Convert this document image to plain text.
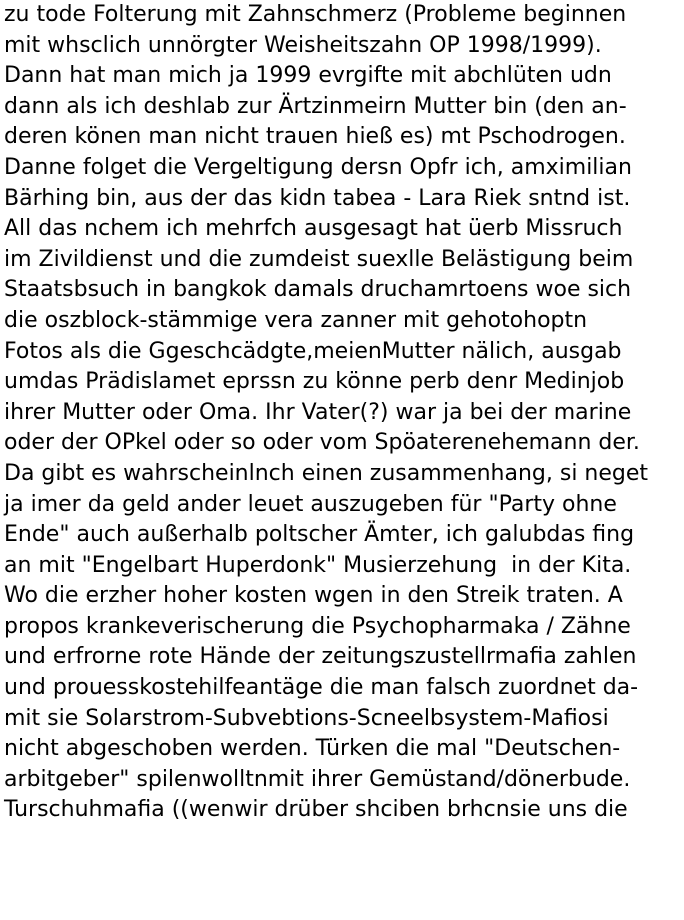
zu tode Folterung mit Zahnschmerz (Probleme beginnen
mit whsclich unnörgter Weisheitszahn OP 1998/1999).
Dann hat man mich ja 1999 evrgifte mit abchlüten udn
dann als ich deshlab zur Ärtzinmeirn Mutter bin (den an-
deren könen man nicht trauen hieß es) mt Pschodrogen.
Danne folget die Vergeltigung dersn Opfr ich, amximilian
Bärhing bin, aus der das kidn tabea - Lara Riek sntnd ist.
All das nchem ich mehrfch ausgesagt hat üerb Missruch
im Zivildienst und die zumdeist suexlle Belästigung beim
Staatsbsuch in bangkok damals druchamrtoens woe sich
die oszblock-stämmige vera zanner mit gehotohoptn
Fotos als die Ggeschcädgte,meienMutter nälich, ausgab
umdas Prädislamet eprssn zu könne perb denr Medinjob
ihrer Mutter oder Oma. Ihr Vater(?) war ja bei der marine
oder der OPkel oder so oder vom Spöaterenehemann der.
Da gibt es wahrscheinlnch einen zusammenhang, si neget
ja imer da geld ander leuet auszugeben für "Party ohne
Ende" auch außerhalb poltscher Ämter, ich galubdas fing
an mit "Engelbart Huperdonk" Musierzehung  in der Kita.
Wo die erzher hoher kosten wgen in den Streik traten. A
propos krankeverischerung die Psychopharmaka / Zähne
und erfrorne rote Hände der zeitungszustellrmafia zahlen
und prouesskostehilfeantäge die man falsch zuordnet da-
mit sie Solarstrom-Subvebtions-Scneelbsystem-Mafiosi
nicht abgeschoben werden. Türken die mal "Deutschen-
arbitgeber" spilenwolltnmit ihrer Gemüstand/dönerbude.
Turschuhmafia ((wenwir drüber shciben brhcnsie uns die
